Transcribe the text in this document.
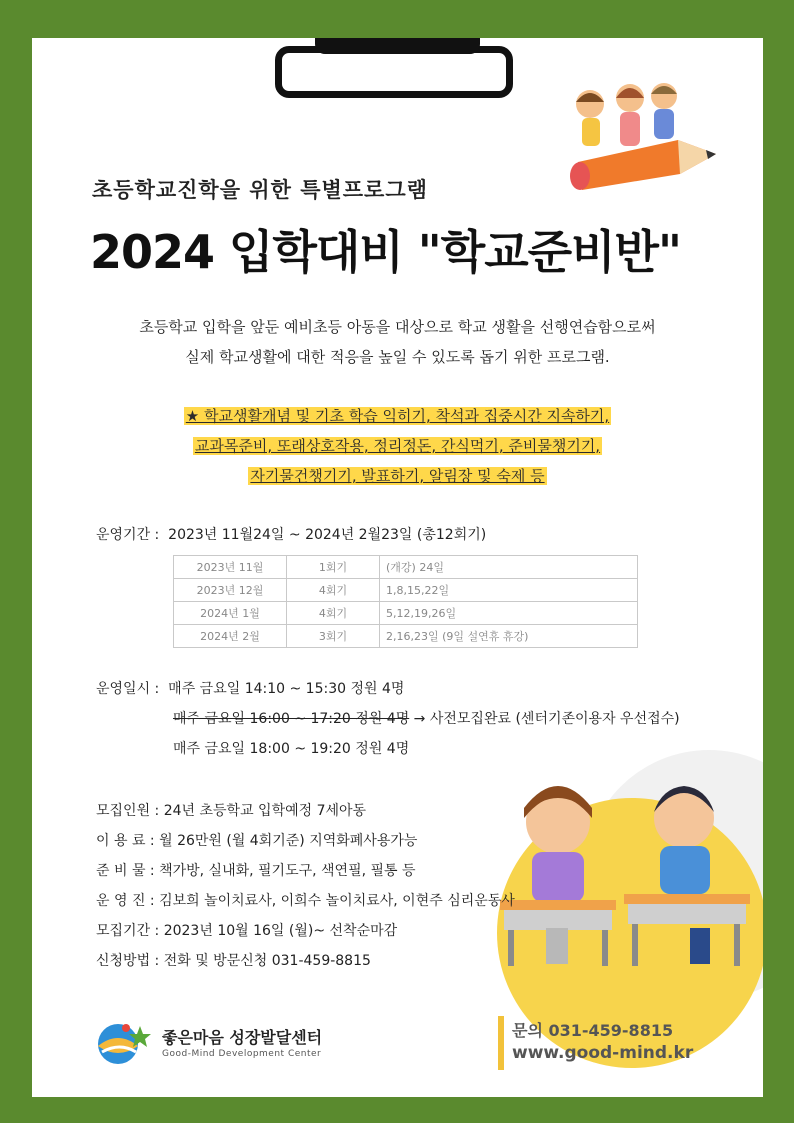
초등학교진학을 위한 특별프로그램
2024 입학대비 "학교준비반"
초등학교 입학을 앞둔 예비초등 아동을 대상으로 학교 생활을 선행연습함으로써
실제 학교생활에 대한 적응을 높일 수 있도록 돕기 위한 프로그램.
★ 학교생활개념 및 기초 학습 익히기, 착석과 집중시간 지속하기,
교과목준비, 또래상호작용, 정리정돈, 간식먹기, 준비물챙기기,
자기물건챙기기, 발표하기, 알림장 및 숙제 등
운영기간 : 2023년 11월24일 ~ 2024년 2월23일 (총12회기)
2023년 11월	1회기	(개강) 24일
2023년 12월	4회기	1,8,15,22일
2024년 1월	4회기	5,12,19,26일
2024년 2월	3회기	2,16,23일 (9일 설연휴 휴강)
운영일시 : 매주 금요일 14:10 ~ 15:30 정원 4명
매주 금요일 16:00 ~ 17:20 정원 4명 → 사전모집완료 (센터기존이용자 우선접수)
매주 금요일 18:00 ~ 19:20 정원 4명
모집인원 : 24년 초등학교 입학예정 7세아동
이 용 료 : 월 26만원 (월 4회기준) 지역화폐사용가능
준 비 물 : 책가방, 실내화, 필기도구, 색연필, 필통 등
운 영 진 : 김보희 놀이치료사, 이희수 놀이치료사, 이현주 심리운동사
모집기간 : 2023년 10월 16일 (월)~ 선착순마감
신청방법 : 전화 및 방문신청 031-459-8815
좋은마음 성장발달센터
Good-Mind Development Center
문의 031-459-8815
www.good-mind.kr
